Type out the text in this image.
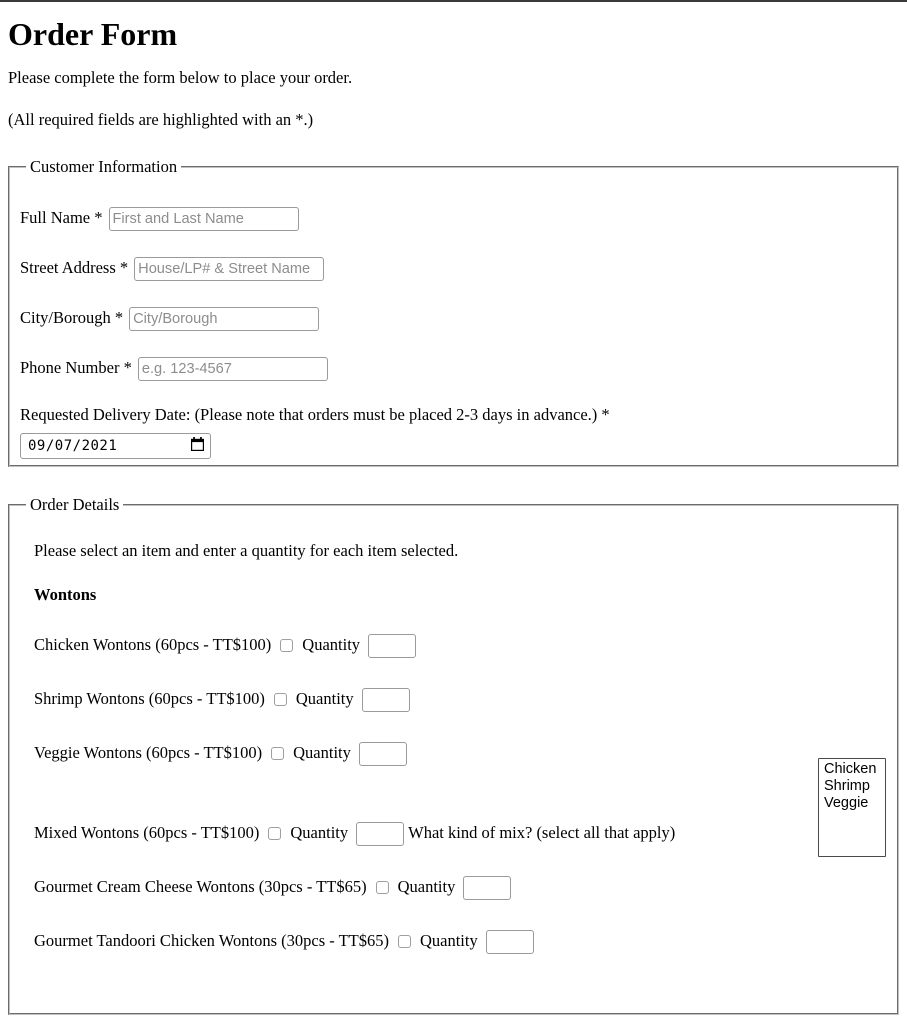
Order Form

Please complete the form below to place your order.

(All required fields are highlighted with an *.)

Customer Information
Full Name *
First and Last Name
Street Address *
House/LP# & Street Name
City/Borough *
City/Borough
Phone Number *
e.g. 123-4567
Requested Delivery Date: (Please note that orders must be placed 2-3 days in advance.) *
09/07/2021
Order Details

Please select an item and enter a quantity for each item selected.

Wontons
Chicken Wontons (60pcs - TT$100) Quantity
Shrimp Wontons (60pcs - TT$100) Quantity
Veggie Wontons (60pcs - TT$100) Quantity
Mixed Wontons (60pcs - TT$100) Quantity	What kind of mix? (select all that apply)
Gourmet Cream Cheese Wontons (30pcs - TT$65) Quantity
Gourmet Tandoori Chicken Wontons (30pcs - TT$65) Quantity
